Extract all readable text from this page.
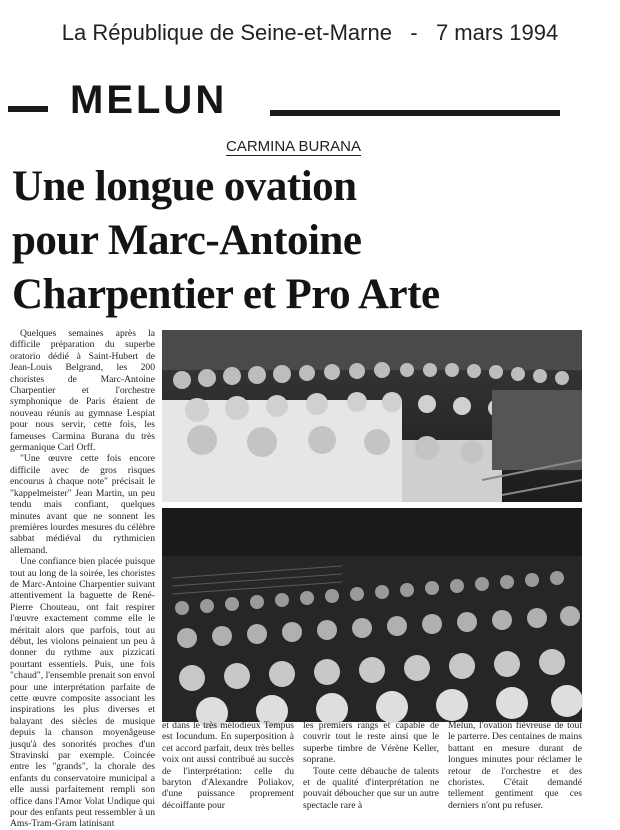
La République de Seine-et-Marne   -   7 mars 1994
MELUN
CARMINA BURANA
Une longue ovation
pour Marc-Antoine
Charpentier et Pro Arte

Quelques semaines après la difficile préparation du superbe oratorio dédié à Saint-Hubert de Jean-Louis Belgrand, les 200 choristes de Marc-Antoine Charpentier et l'orchestre symphonique de Paris étaient de nouveau réunis au gymnase Lespiat pour nous servir, cette fois, les fameuses Carmina Burana du très germanique Carl Orff.

"Une œuvre cette fois encore difficile avec de gros risques encourus à chaque note" précisait le "kappelmeister" Jean Martin, un peu tendu mais confiant, quelques minutes avant que ne sonnent les premières lourdes mesures du célèbre sabbat médiéval du rythmicien allemand.

Une confiance bien placée puisque tout au long de la soirée, les choristes de Marc-Antoine Charpentier suivant attentivement la baguette de René-Pierre Chouteau, ont fait respirer l'œuvre exactement comme elle le méritait alors que parfois, tout au début, les violons peinaient un peu à donner du rythme aux pizzicati pourtant essentiels. Puis, une fois "chaud", l'ensemble prenait son envol pour une interprétation parfaite de cette œuvre composite associant les inspirations les plus diverses et balayant des siècles de musique depuis la chanson moyenâgeuse jusqu'à des sonorités proches d'un Stravinski par exemple. Coincée entre les "grands", la chorale des enfants du conservatoire municipal a elle aussi parfaitement rempli son office dans l'Amor Volat Undique qui pour des enfants peut ressembler à un Ams-Tram-Gram latinisant

et dans le très mélodieux Tempus est Iocundum. En superposition à cet accord parfait, deux très belles voix ont aussi contribué au succès de l'interprétation: celle du baryton d'Alexandre Poliakov, d'une puissance proprement décoiffante pour

les premiers rangs et capable de couvrir tout le reste ainsi que le superbe timbre de Vérène Keller, soprane.

Toute cette débauche de talents et de qualité d'interprétation ne pouvait déboucher que sur un autre spectacle rare à

Melun, l'ovation fiévreuse de tout le parterre. Des centaines de mains battant en mesure durant de longues minutes pour réclamer le retour de l'orchestre et des choristes. C'était demandé tellement gentiment que ces derniers n'ont pu refuser.
